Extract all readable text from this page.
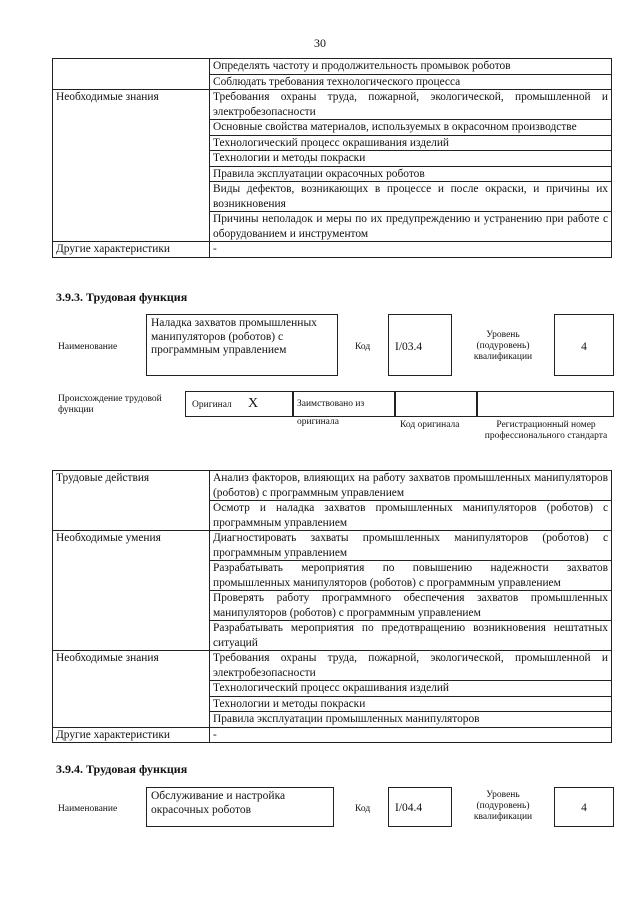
30
	Определять частоту и продолжительность промывок роботов
	Соблюдать требования технологического процесса
Необходимые знания	Требования охраны труда, пожарной, экологической, промышленной и электробезопасности
	Основные свойства материалов, используемых в окрасочном производстве
	Технологический процесс окрашивания изделий
	Технологии и методы покраски
	Правила эксплуатации окрасочных роботов
	Виды дефектов, возникающих в процессе и после окраски, и причины их возникновения
	Причины неполадок и меры по их предупреждению и устранению при работе с оборудованием и инструментом
Другие характеристики	-
3.9.3. Трудовая функция
Наименование
Наладка захватов промышленных манипуляторов (роботов) с программным управлением	Код	I/03.4
Уровень (подуровень) квалификации
4
Происхождение трудовой функции	Оригинал X	Заимствовано из оригинала	Код оригинала	Регистрационный номер профессионального стандарта
Трудовые действия	Анализ факторов, влияющих на работу захватов промышленных манипуляторов (роботов) с программным управлением
	Осмотр и наладка захватов промышленных манипуляторов (роботов) с программным управлением
Необходимые умения	Диагностировать захваты промышленных манипуляторов (роботов) с программным управлением
	Разрабатывать мероприятия по повышению надежности захватов промышленных манипуляторов (роботов) с программным управлением
	Проверять работу программного обеспечения захватов промышленных манипуляторов (роботов) с программным управлением
	Разрабатывать мероприятия по предотвращению возникновения нештатных ситуаций
Необходимые знания	Требования охраны труда, пожарной, экологической, промышленной и электробезопасности
	Технологический процесс окрашивания изделий
	Технологии и методы покраски
	Правила эксплуатации промышленных манипуляторов
Другие характеристики	-
3.9.4. Трудовая функция
Наименование
Обслуживание и настройка окрасочных роботов	Код	I/04.4
Уровень (подуровень) квалификации
4
